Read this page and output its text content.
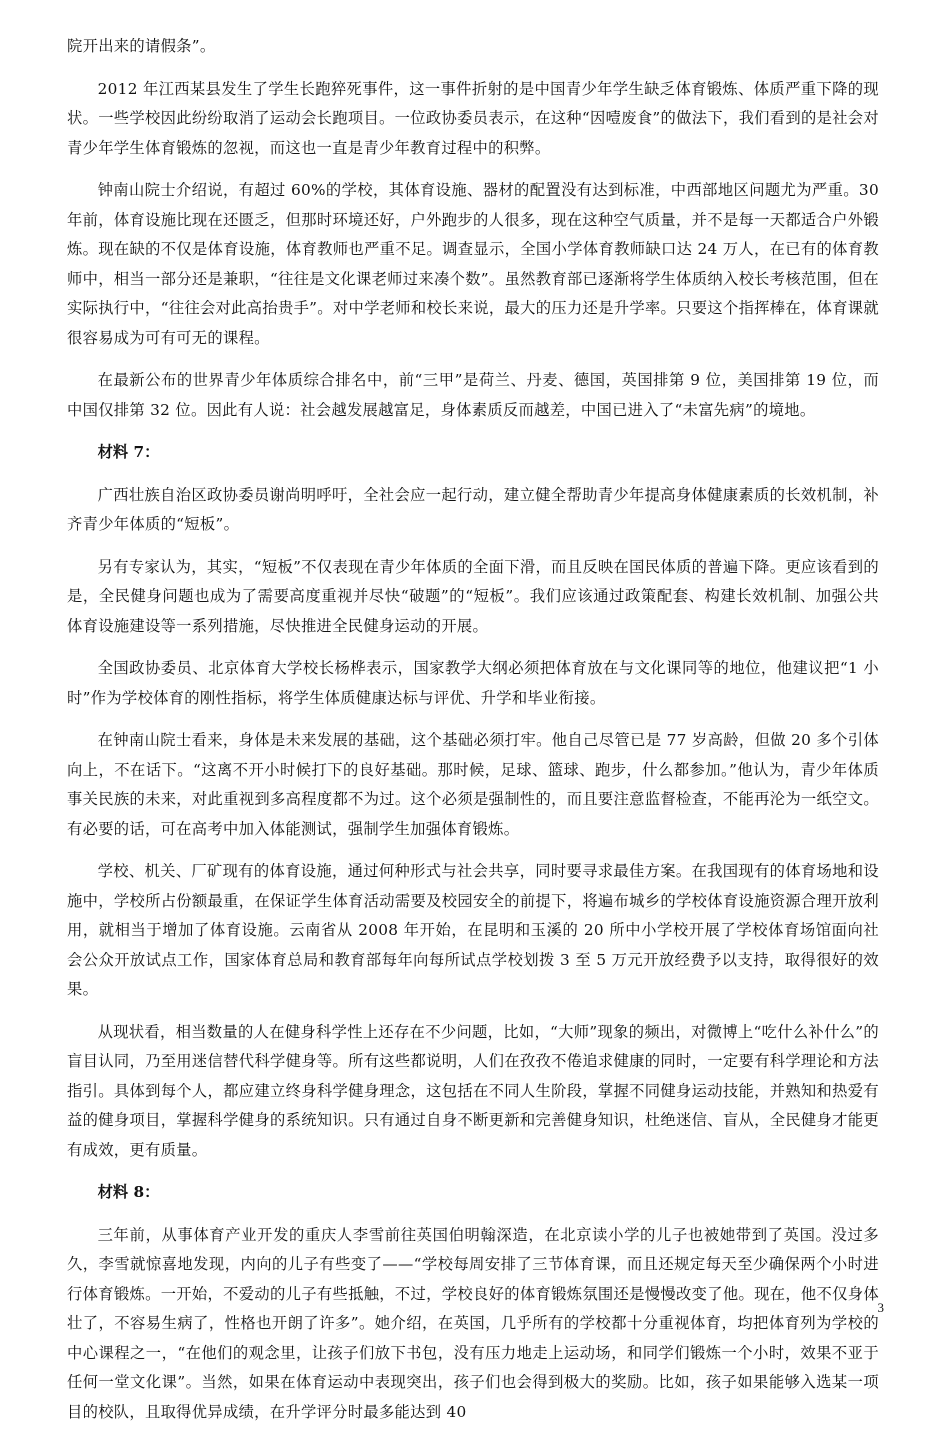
院开出来的请假条”。

2012 年江西某县发生了学生长跑猝死事件，这一事件折射的是中国青少年学生缺乏体育锻炼、体质严重下降的现状。一些学校因此纷纷取消了运动会长跑项目。一位政协委员表示，在这种“因噎废食”的做法下，我们看到的是社会对青少年学生体育锻炼的忽视，而这也一直是青少年教育过程中的积弊。

钟南山院士介绍说，有超过 60%的学校，其体育设施、器材的配置没有达到标准，中西部地区问题尤为严重。30 年前，体育设施比现在还匮乏，但那时环境还好，户外跑步的人很多，现在这种空气质量，并不是每一天都适合户外锻炼。现在缺的不仅是体育设施，体育教师也严重不足。调查显示，全国小学体育教师缺口达 24 万人，在已有的体育教师中，相当一部分还是兼职，“往往是文化课老师过来凑个数”。虽然教育部已逐渐将学生体质纳入校长考核范围，但在实际执行中，“往往会对此高抬贵手”。对中学老师和校长来说，最大的压力还是升学率。只要这个指挥棒在，体育课就很容易成为可有可无的课程。

在最新公布的世界青少年体质综合排名中，前“三甲”是荷兰、丹麦、德国，英国排第 9 位，美国排第 19 位，而中国仅排第 32 位。因此有人说：社会越发展越富足，身体素质反而越差，中国已进入了“未富先病”的境地。

材料 7：

广西壮族自治区政协委员谢尚明呼吁，全社会应一起行动，建立健全帮助青少年提高身体健康素质的长效机制，补齐青少年体质的“短板”。

另有专家认为，其实，“短板”不仅表现在青少年体质的全面下滑，而且反映在国民体质的普遍下降。更应该看到的是，全民健身问题也成为了需要高度重视并尽快“破题”的“短板”。我们应该通过政策配套、构建长效机制、加强公共体育设施建设等一系列措施，尽快推进全民健身运动的开展。

全国政协委员、北京体育大学校长杨桦表示，国家教学大纲必须把体育放在与文化课同等的地位，他建议把“1 小时”作为学校体育的刚性指标，将学生体质健康达标与评优、升学和毕业衔接。

在钟南山院士看来，身体是未来发展的基础，这个基础必须打牢。他自己尽管已是 77 岁高龄，但做 20 多个引体向上，不在话下。“这离不开小时候打下的良好基础。那时候，足球、篮球、跑步，什么都参加。”他认为，青少年体质事关民族的未来，对此重视到多高程度都不为过。这个必须是强制性的，而且要注意监督检查，不能再沦为一纸空文。有必要的话，可在高考中加入体能测试，强制学生加强体育锻炼。

学校、机关、厂矿现有的体育设施，通过何种形式与社会共享，同时要寻求最佳方案。在我国现有的体育场地和设施中，学校所占份额最重，在保证学生体育活动需要及校园安全的前提下，将遍布城乡的学校体育设施资源合理开放利用，就相当于增加了体育设施。云南省从 2008 年开始，在昆明和玉溪的 20 所中小学校开展了学校体育场馆面向社会公众开放试点工作，国家体育总局和教育部每年向每所试点学校划拨 3 至 5 万元开放经费予以支持，取得很好的效果。

从现状看，相当数量的人在健身科学性上还存在不少问题，比如，“大师”现象的频出，对微博上“吃什么补什么”的盲目认同，乃至用迷信替代科学健身等。所有这些都说明，人们在孜孜不倦追求健康的同时，一定要有科学理论和方法指引。具体到每个人，都应建立终身科学健身理念，这包括在不同人生阶段，掌握不同健身运动技能，并熟知和热爱有益的健身项目，掌握科学健身的系统知识。只有通过自身不断更新和完善健身知识，杜绝迷信、盲从，全民健身才能更有成效，更有质量。

材料 8：

三年前，从事体育产业开发的重庆人李雪前往英国伯明翰深造，在北京读小学的儿子也被她带到了英国。没过多久，李雪就惊喜地发现，内向的儿子有些变了——“学校每周安排了三节体育课，而且还规定每天至少确保两个小时进行体育锻炼。一开始，不爱动的儿子有些抵触，不过，学校良好的体育锻炼氛围还是慢慢改变了他。现在，他不仅身体壮了，不容易生病了，性格也开朗了许多”。她介绍，在英国，几乎所有的学校都十分重视体育，均把体育列为学校的中心课程之一，“在他们的观念里，让孩子们放下书包，没有压力地走上运动场，和同学们锻炼一个小时，效果不亚于任何一堂文化课”。当然，如果在体育运动中表现突出，孩子们也会得到极大的奖励。比如，孩子如果能够入选某一项目的校队，且取得优异成绩，在升学评分时最多能达到 40

3
